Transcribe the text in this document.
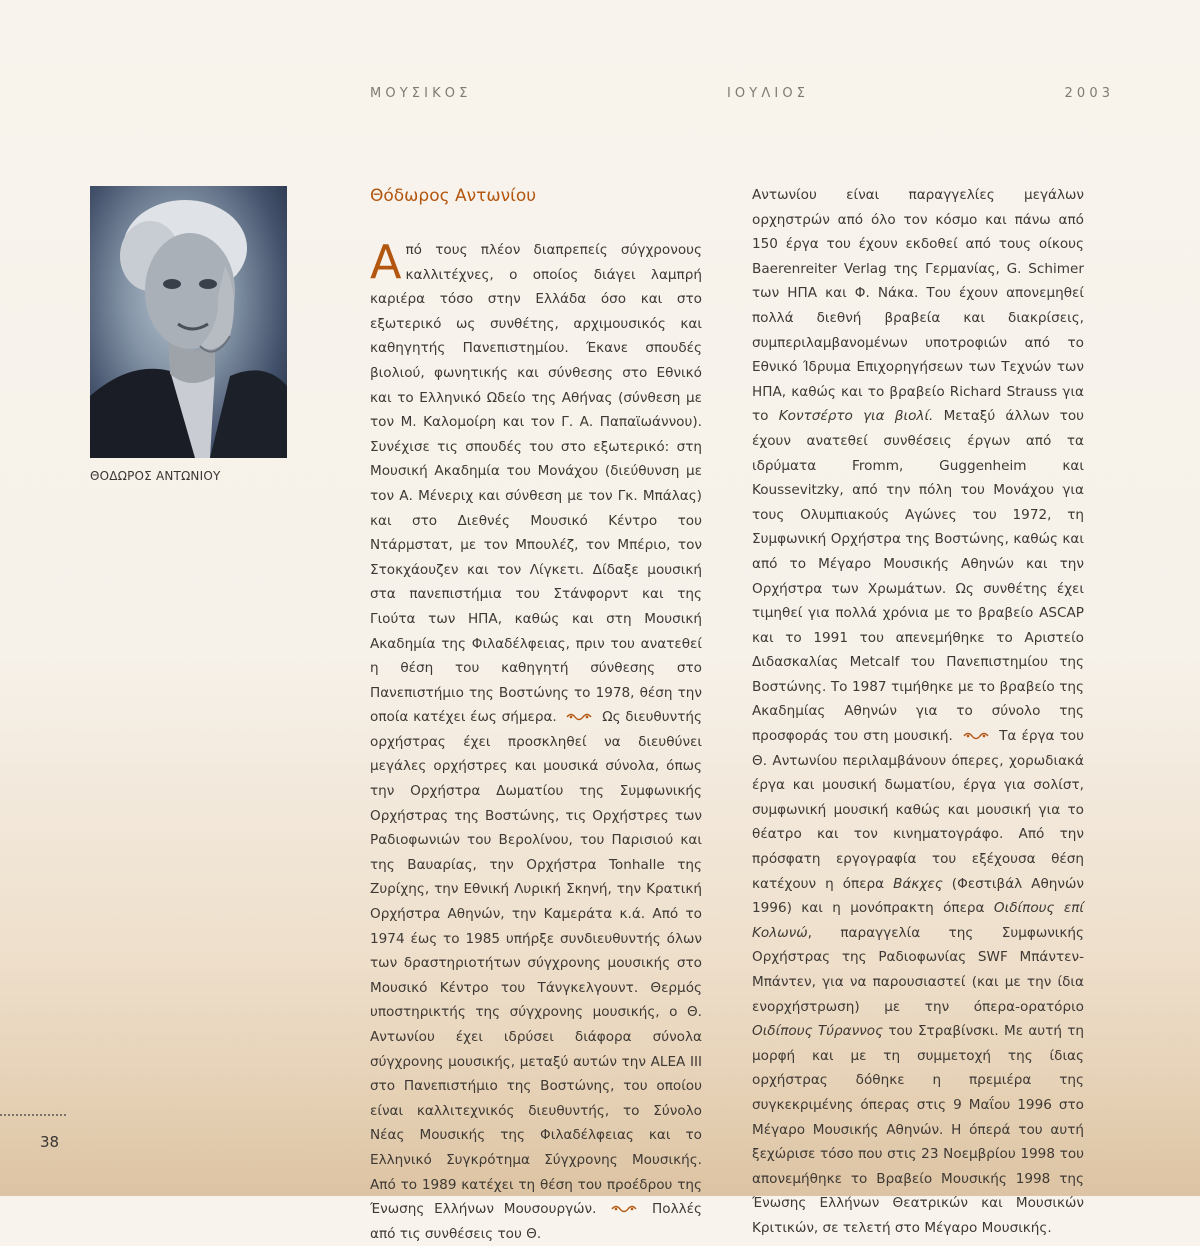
Μ Ο Υ Σ Ι Κ Ο Σ	Ι Ο Υ Λ Ι Ο Σ	2 0 0 3
ΘΟΔΩΡΟΣ ΑΝΤΩΝΙΟΥ
Θόδωρος Αντωνίου

Από τους πλέον διαπρεπείς σύγχρονους καλλιτέχνες, ο οποίος διάγει λαμπρή καριέρα τόσο στην Ελλάδα όσο και στο εξωτερικό ως συνθέτης, αρχιμουσικός και καθηγητής Πανεπιστημίου. Έκανε σπουδές βιολιού, φωνητικής και σύνθεσης στο Εθνικό και το Ελληνικό Ωδείο της Αθήνας (σύνθεση με τον Μ. Καλομοίρη και τον Γ. Α. Παπαϊωάννου). Συνέχισε τις σπουδές του στο εξωτερικό: στη Μουσική Ακαδημία του Μονάχου (διεύθυνση με τον Α. Μένεριχ και σύνθεση με τον Γκ. Μπάλας) και στο Διεθνές Μουσικό Κέντρο του Ντάρμστατ, με τον Μπουλέζ, τον Μπέριο, τον Στοκχάουζεν και τον Λίγκετι. Δίδαξε μουσική στα πανεπιστήμια του Στάνφορντ και της Γιούτα των ΗΠΑ, καθώς και στη Μουσική Ακαδημία της Φιλαδέλφειας, πριν του ανατεθεί η θέση του καθηγητή σύνθεσης στο Πανεπιστήμιο της Βοστώνης το 1978, θέση την οποία κατέχει έως σήμερα.	Ως διευθυντής ορχήστρας έχει προσκληθεί να διευθύνει μεγάλες ορχήστρες και μουσικά σύνολα, όπως την Ορχήστρα Δωματίου της Συμφωνικής Ορχήστρας της Βοστώνης, τις Ορχήστρες των Ραδιοφωνιών του Βερολίνου, του Παρισιού και της Βαυαρίας, την Ορχήστρα Tonhalle της Ζυρίχης, την Εθνική Λυρική Σκηνή, την Κρατική Ορχήστρα Αθηνών, την Καμεράτα κ.ά. Από το 1974 έως το 1985 υπήρξε συνδιευθυντής όλων των δραστηριοτήτων σύγχρονης μουσικής στο Μουσικό Κέντρο του Τάνγκελγουντ. Θερμός υποστηρικτής της σύγχρονης μουσικής, ο Θ. Αντωνίου έχει ιδρύσει διάφορα σύνολα σύγχρονης μουσικής, μεταξύ αυτών την ALEA III στο Πανεπιστήμιο της Βοστώνης, του οποίου είναι καλλιτεχνικός διευθυντής, το Σύνολο Νέας Μουσικής της Φιλαδέλφειας και το Ελληνικό Συγκρότημα Σύγχρονης Μουσικής. Από το 1989 κατέχει τη θέση του προέδρου της Ένωσης Ελλήνων Μουσουργών.	Πολλές από τις συνθέσεις του Θ.

Αντωνίου είναι παραγγελίες μεγάλων ορχηστρών από όλο τον κόσμο και πάνω από 150 έργα του έχουν εκδοθεί από τους οίκους Baerenreiter Verlag της Γερμανίας, G. Schimer των ΗΠΑ και Φ. Νάκα. Του έχουν απονεμηθεί πολλά διεθνή βραβεία και διακρίσεις, συμπεριλαμβανομένων υποτροφιών από το Εθνικό Ίδρυμα Επιχορηγήσεων των Τεχνών των ΗΠΑ, καθώς και το βραβείο Richard Strauss για το Κοντσέρτο για βιολί. Μεταξύ άλλων του έχουν ανατεθεί συνθέσεις έργων από τα ιδρύματα Fromm, Guggenheim και Koussevitzky, από την πόλη του Μονάχου για τους Ολυμπιακούς Αγώνες του 1972, τη Συμφωνική Ορχήστρα της Βοστώνης, καθώς και από το Μέγαρο Μουσικής Αθηνών και την Ορχήστρα των Χρωμάτων. Ως συνθέτης έχει τιμηθεί για πολλά χρόνια με το βραβείο ASCAP και το 1991 του απενεμήθηκε το Αριστείο Διδασκαλίας Metcalf του Πανεπιστημίου της Βοστώνης. Το 1987 τιμήθηκε με το βραβείο της Ακαδημίας Αθηνών για το σύνολο της προσφοράς του στη μουσική.	Τα έργα του Θ. Αντωνίου περιλαμβάνουν όπερες, χορωδιακά έργα και μουσική δωματίου, έργα για σολίστ, συμφωνική μουσική καθώς και μουσική για το θέατρο και τον κινηματογράφο. Από την πρόσφατη εργογραφία του εξέχουσα θέση κατέχουν η όπερα Βάκχες (Φεστιβάλ Αθηνών 1996) και η μονόπρακτη όπερα Οιδίπους επί Κολωνώ, παραγγελία της Συμφωνικής Ορχήστρας της Ραδιοφωνίας SWF Μπάντεν-Μπάντεν, για να παρουσιαστεί (και με την ίδια ενορχήστρωση) με την όπερα-ορατόριο Οιδίπους Τύραννος του Στραβίνσκι. Με αυτή τη μορφή και με τη συμμετοχή της ίδιας ορχήστρας δόθηκε η πρεμιέρα της συγκεκριμένης όπερας στις 9 Μαΐου 1996 στο Μέγαρο Μουσικής Αθηνών. Η όπερά του αυτή ξεχώρισε τόσο που στις 23 Νοεμβρίου 1998 του απονεμήθηκε το Βραβείο Μουσικής 1998 της Ένωσης Ελλήνων Θεατρικών και Μουσικών Κριτικών, σε τελετή στο Μέγαρο Μουσικής.

38
